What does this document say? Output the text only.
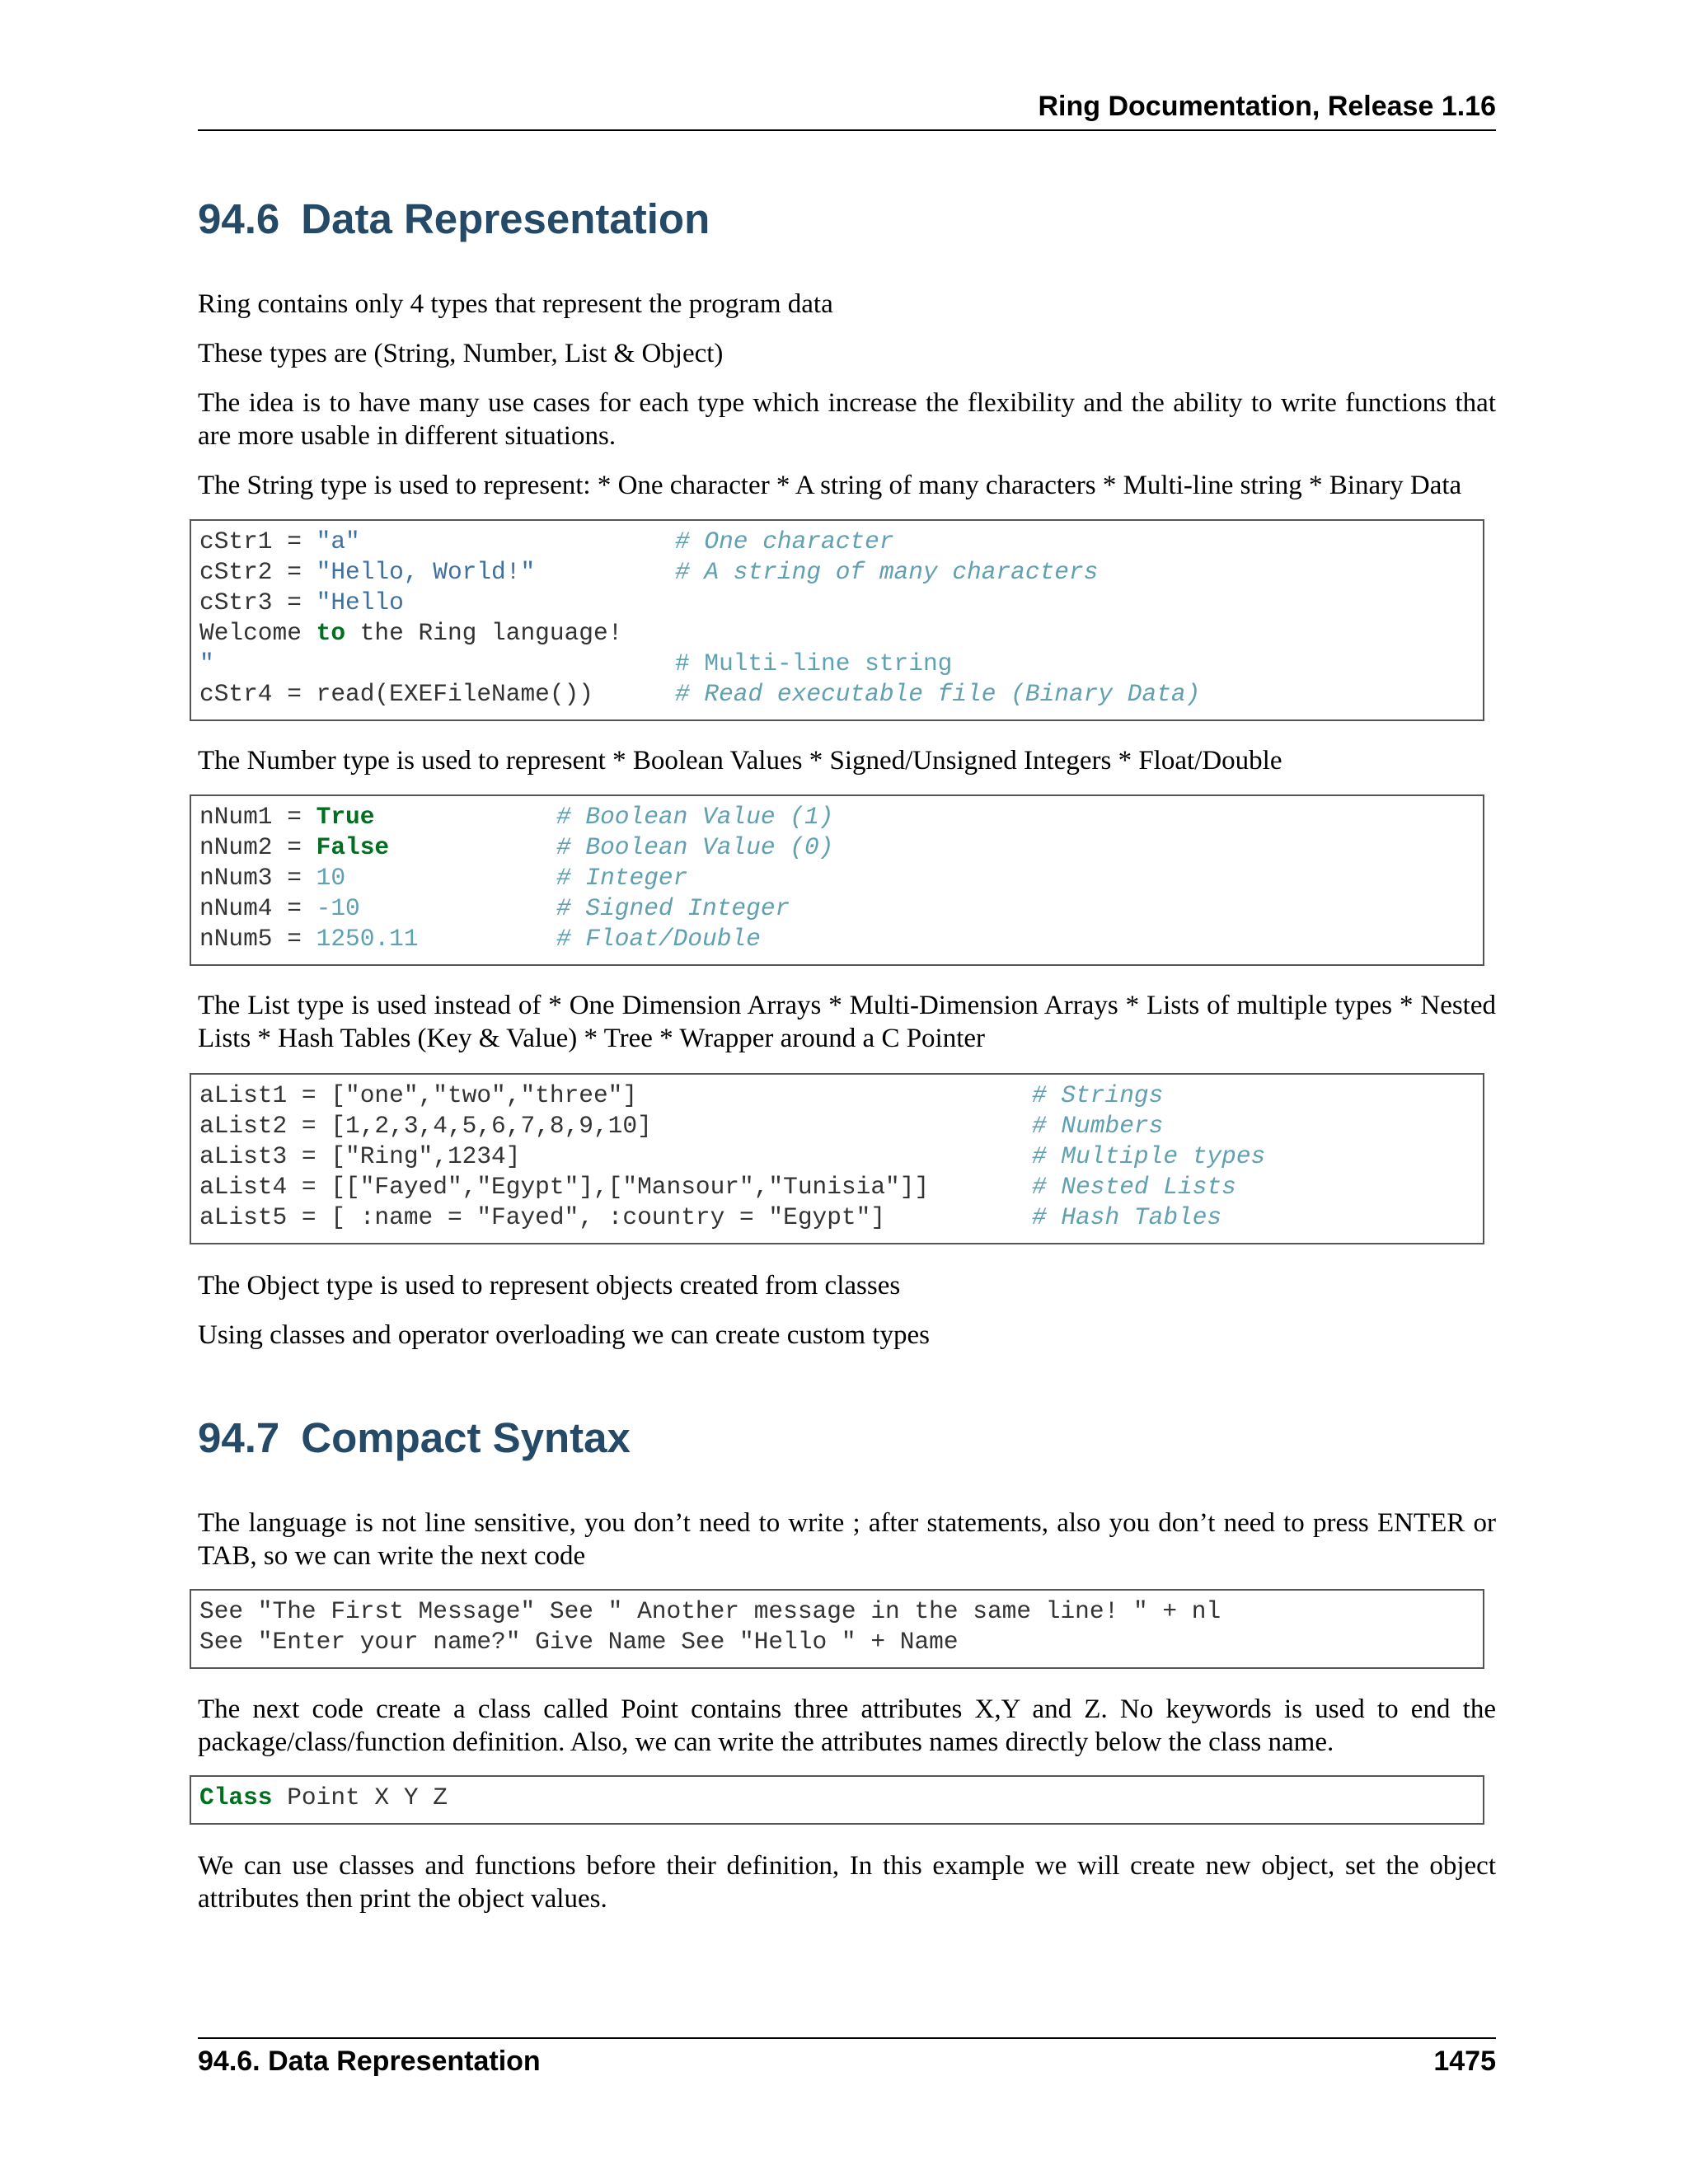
Ring Documentation, Release 1.16
94.6 Data Representation

Ring contains only 4 types that represent the program data

These types are (String, Number, List & Object)

The idea is to have many use cases for each type which increase the flexibility and the ability to write functions that are more usable in different situations.

The String type is used to represent: * One character * A string of many characters * Multi-line string * Binary Data

cStr1 = "a"	# One character
cStr2 = "Hello, World!"	# A string of many characters
cStr3 = "Hello
Welcome to the Ring language!
"	# Multi-line string
cStr4 = read(EXEFileName())	# Read executable file (Binary Data)

The Number type is used to represent * Boolean Values * Signed/Unsigned Integers * Float/Double

nNum1 = True	# Boolean Value (1)
nNum2 = False	# Boolean Value (0)
nNum3 = 10	# Integer
nNum4 = -10	# Signed Integer
nNum5 = 1250.11	# Float/Double

The List type is used instead of * One Dimension Arrays * Multi-Dimension Arrays * Lists of multiple types * Nested Lists * Hash Tables (Key & Value) * Tree * Wrapper around a C Pointer

aList1 = ["one","two","three"]	# Strings
aList2 = [1,2,3,4,5,6,7,8,9,10]	# Numbers
aList3 = ["Ring",1234]	# Multiple types
aList4 = [["Fayed","Egypt"],["Mansour","Tunisia"]]	# Nested Lists
aList5 = [ :name = "Fayed", :country = "Egypt"]	# Hash Tables

The Object type is used to represent objects created from classes

Using classes and operator overloading we can create custom types

94.7 Compact Syntax

The language is not line sensitive, you don’t need to write ; after statements, also you don’t need to press ENTER or TAB, so we can write the next code

See "The First Message" See " Another message in the same line! " + nl
See "Enter your name?" Give Name See "Hello " + Name

The next code create a class called Point contains three attributes X,Y and Z. No keywords is used to end the package/class/function definition. Also, we can write the attributes names directly below the class name.

Class Point X Y Z

We can use classes and functions before their definition, In this example we will create new object, set the object attributes then print the object values.

94.6. Data Representation	1475
